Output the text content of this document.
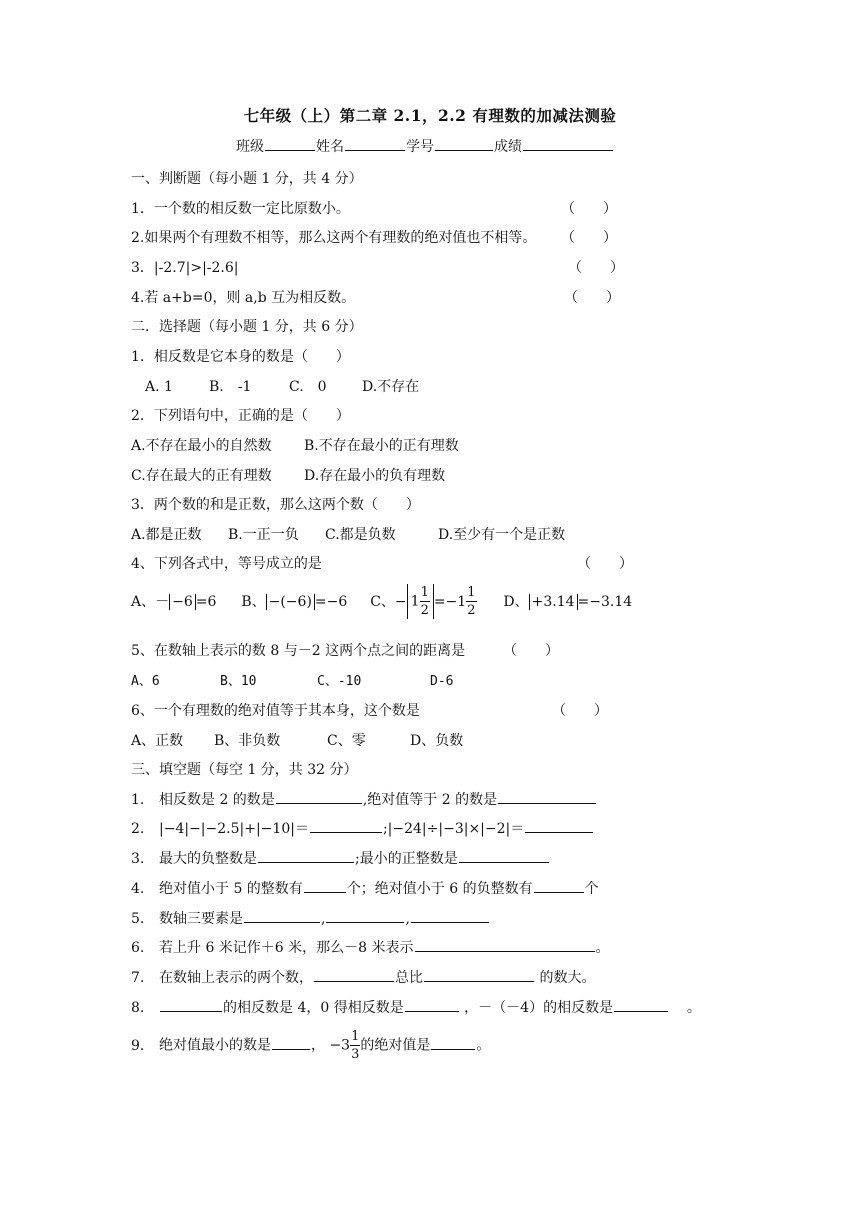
七年级（上）第二章 2.1，2.2 有理数的加减法测验
班级	姓名	学号	成绩
一、判断题（每小题 1 分，共 4 分）
1．一个数的相反数一定比原数小。	（　　）
2.如果两个有理数不相等，那么这两个有理数的绝对值也不相等。 （　　）
3．|-2.7|>|-2.6|	（　　）
4.若 a+b=0，则 a,b 互为相反数。	（　　）
二．选择题（每小题 1 分，共 6 分）
1．相反数是它本身的数是（　　）
A. 1	B.　-1	C.　0	D.不存在
2．下列语句中，正确的是（　　）
A.不存在最小的自然数 B.不存在最小的正有理数
C.存在最大的正有理数 D.存在最小的负有理数
3．两个数的和是正数，那么这两个数（　　）
A.都是正数 B.一正一负 C.都是负数	D.至少有一个是正数
4、下列各式中，等号成立的是	（　　）
A、－ −6 =6 B、 −(−6) =−6 C、− $1 \frac{1}{2} =-1 \frac{1}{2}$ D、 +3.14 =−3.14
5、在数轴上表示的数 8 与－2 这两个点之间的距离是	（　　）
A、6	B、10	C、-10	D-6
6、一个有理数的绝对值等于其本身，这个数是	（　　）
A、正数 B、非负数	C、零	D、负数
三、填空题（每空 1 分，共 32 分）
1. 相反数是 2 的数是	,绝对值等于 2 的数是
2. |−4|−|−2.5|+|−10|＝	;|−24|÷|−3|×|−2|＝
3. 最大的负整数是	;最小的正整数是
4. 绝对值小于 5 的整数有	个；绝对值小于 6 的负整数有	个
5. 数轴三要素是	,	,
6. 若上升 6 米记作＋6 米，那么－8 米表示	。
7. 在数轴上表示的两个数，	总比	的数大。
8.	的相反数是 4，0 得相反数是	，－（－4）的相反数是	。
9. 绝对值最小的数是	， $-3 \frac{1}{3}$ 的绝对值是	。
